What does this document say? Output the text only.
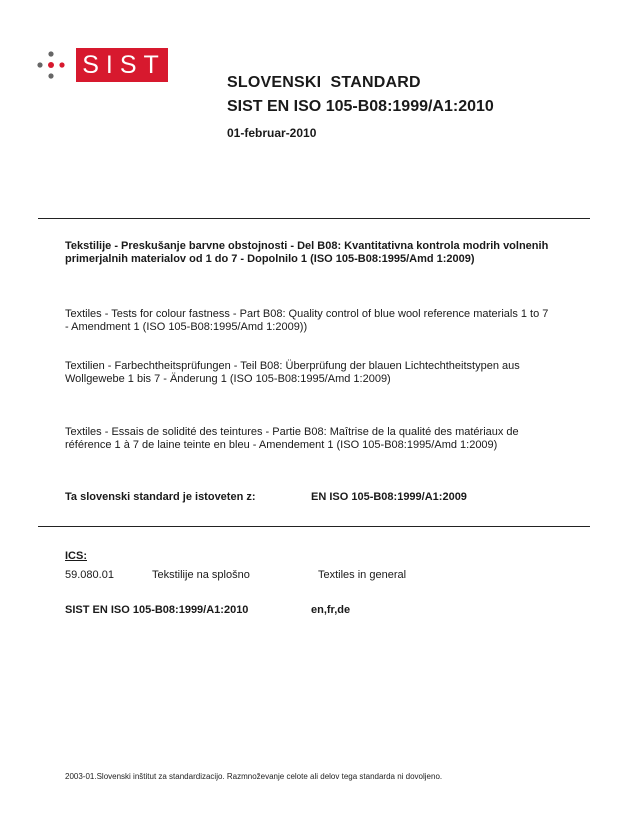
SIST
SLOVENSKI  STANDARD
SIST EN ISO 105-B08:1999/A1:2010
01-februar-2010
Tekstilije - Preskušanje barvne obstojnosti - Del B08: Kvantitativna kontrola modrih volnenih primerjalnih materialov od 1 do 7 - Dopolnilo 1 (ISO 105-B08:1995/Amd 1:2009)
Textiles - Tests for colour fastness - Part B08: Quality control of blue wool reference materials 1 to 7 - Amendment 1 (ISO 105-B08:1995/Amd 1:2009))
Textilien - Farbechtheitsprüfungen - Teil B08: Überprüfung der blauen Lichtechtheitstypen aus Wollgewebe 1 bis 7 - Änderung 1 (ISO 105-B08:1995/Amd 1:2009)
Textiles - Essais de solidité des teintures - Partie B08: Maîtrise de la qualité des matériaux de référence 1 à 7 de laine teinte en bleu - Amendement 1 (ISO 105-B08:1995/Amd 1:2009)
Ta slovenski standard je istoveten z:	EN ISO 105-B08:1999/A1:2009
ICS:
59.080.01	Tekstilije na splošno	Textiles in general
SIST EN ISO 105-B08:1999/A1:2010	en,fr,de
2003-01.Slovenski inštitut za standardizacijo. Razmnoževanje celote ali delov tega standarda ni dovoljeno.
